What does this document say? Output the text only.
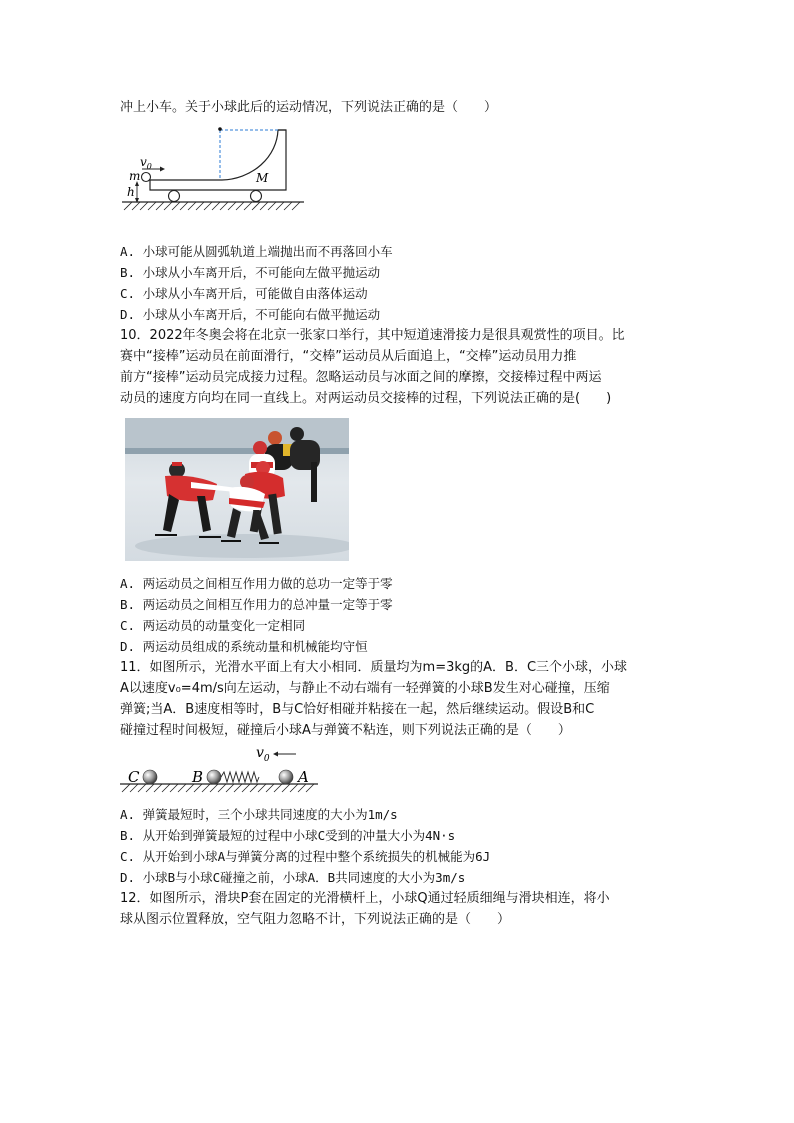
冲上小车。关于小球此后的运动情况，下列说法正确的是（　　）
$v_0$
m
h
M
A. 小球可能从圆弧轨道上端抛出而不再落回小车
B. 小球从小车离开后，不可能向左做平抛运动
C. 小球从小车离开后，可能做自由落体运动
D. 小球从小车离开后，不可能向右做平抛运动
10．2022年冬奥会将在北京一张家口举行，其中短道速滑接力是很具观赏性的项目。比
赛中“接棒”运动员在前面滑行，“交棒”运动员从后面追上，“交棒”运动员用力推
前方“接棒”运动员完成接力过程。忽略运动员与冰面之间的摩擦，交接棒过程中两运
动员的速度方向均在同一直线上。对两运动员交接棒的过程，下列说法正确的是(　　)
A. 两运动员之间相互作用力做的总功一定等于零
B. 两运动员之间相互作用力的总冲量一定等于零
C. 两运动员的动量变化一定相同
D. 两运动员组成的系统动量和机械能均守恒
11．如图所示，光滑水平面上有大小相同．质量均为m=3kg的A．B．C三个小球，小球
A以速度v₀=4m/s向左运动，与静止不动右端有一轻弹簧的小球B发生对心碰撞，压缩
弹簧;当A．B速度相等时，B与C恰好相碰并粘接在一起，然后继续运动。假设B和C
碰撞过程时间极短，碰撞后小球A与弹簧不粘连，则下列说法正确的是（　　）
$v_0$
C	B	A
A. 弹簧最短时，三个小球共同速度的大小为1m/s
B. 从开始到弹簧最短的过程中小球C受到的冲量大小为4N·s
C. 从开始到小球A与弹簧分离的过程中整个系统损失的机械能为6J
D. 小球B与小球C碰撞之前，小球A．B共同速度的大小为3m/s
12．如图所示，滑块P套在固定的光滑横杆上，小球Q通过轻质细绳与滑块相连，将小
球从图示位置释放，空气阻力忽略不计，下列说法正确的是（　　）
